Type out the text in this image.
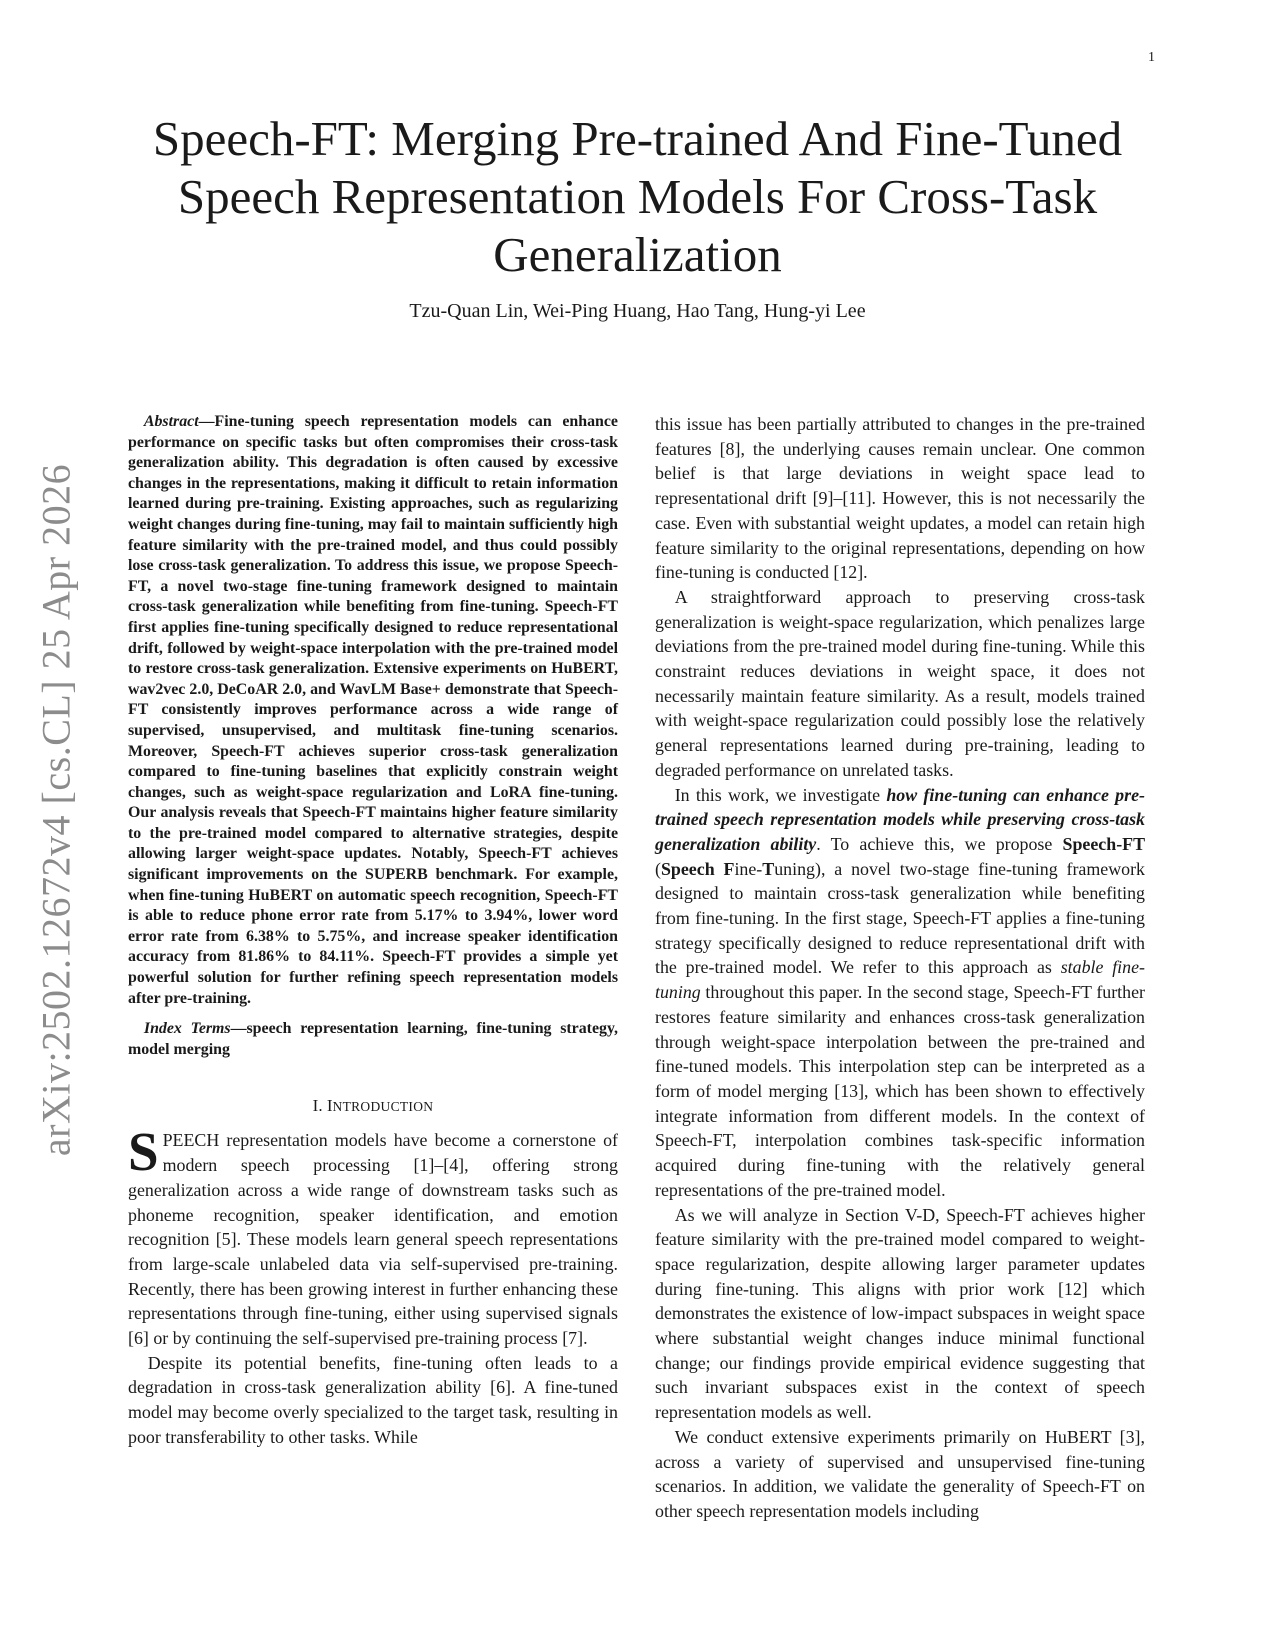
1
arXiv:2502.12672v4 [cs.CL] 25 Apr 2026
Speech-FT: Merging Pre-trained And Fine-Tuned Speech Representation Models For Cross-Task Generalization
Tzu-Quan Lin, Wei-Ping Huang, Hao Tang, Hung-yi Lee

Abstract—Fine-tuning speech representation models can enhance performance on specific tasks but often compromises their cross-task generalization ability. This degradation is often caused by excessive changes in the representations, making it difficult to retain information learned during pre-training. Existing approaches, such as regularizing weight changes during fine-tuning, may fail to maintain sufficiently high feature similarity with the pre-trained model, and thus could possibly lose cross-task generalization. To address this issue, we propose Speech-FT, a novel two-stage fine-tuning framework designed to maintain cross-task generalization while benefiting from fine-tuning. Speech-FT first applies fine-tuning specifically designed to reduce representational drift, followed by weight-space interpolation with the pre-trained model to restore cross-task generalization. Extensive experiments on HuBERT, wav2vec 2.0, DeCoAR 2.0, and WavLM Base+ demonstrate that Speech-FT consistently improves performance across a wide range of supervised, unsupervised, and multitask fine-tuning scenarios. Moreover, Speech-FT achieves superior cross-task generalization compared to fine-tuning baselines that explicitly constrain weight changes, such as weight-space regularization and LoRA fine-tuning. Our analysis reveals that Speech-FT maintains higher feature similarity to the pre-trained model compared to alternative strategies, despite allowing larger weight-space updates. Notably, Speech-FT achieves significant improvements on the SUPERB benchmark. For example, when fine-tuning HuBERT on automatic speech recognition, Speech-FT is able to reduce phone error rate from 5.17% to 3.94%, lower word error rate from 6.38% to 5.75%, and increase speaker identification accuracy from 81.86% to 84.11%. Speech-FT provides a simple yet powerful solution for further refining speech representation models after pre-training.

Index Terms—speech representation learning, fine-tuning strategy, model merging

I. INTRODUCTION

SPEECH representation models have become a cornerstone of modern speech processing [1]–[4], offering strong generalization across a wide range of downstream tasks such as phoneme recognition, speaker identification, and emotion recognition [5]. These models learn general speech representations from large-scale unlabeled data via self-supervised pre-training. Recently, there has been growing interest in further enhancing these representations through fine-tuning, either using supervised signals [6] or by continuing the self-supervised pre-training process [7].

Despite its potential benefits, fine-tuning often leads to a degradation in cross-task generalization ability [6]. A fine-tuned model may become overly specialized to the target task, resulting in poor transferability to other tasks. While

this issue has been partially attributed to changes in the pre-trained features [8], the underlying causes remain unclear. One common belief is that large deviations in weight space lead to representational drift [9]–[11]. However, this is not necessarily the case. Even with substantial weight updates, a model can retain high feature similarity to the original representations, depending on how fine-tuning is conducted [12].

A straightforward approach to preserving cross-task generalization is weight-space regularization, which penalizes large deviations from the pre-trained model during fine-tuning. While this constraint reduces deviations in weight space, it does not necessarily maintain feature similarity. As a result, models trained with weight-space regularization could possibly lose the relatively general representations learned during pre-training, leading to degraded performance on unrelated tasks.

In this work, we investigate how fine-tuning can enhance pre-trained speech representation models while preserving cross-task generalization ability. To achieve this, we propose Speech-FT (Speech Fine-Tuning), a novel two-stage fine-tuning framework designed to maintain cross-task generalization while benefiting from fine-tuning. In the first stage, Speech-FT applies a fine-tuning strategy specifically designed to reduce representational drift with the pre-trained model. We refer to this approach as stable fine-tuning throughout this paper. In the second stage, Speech-FT further restores feature similarity and enhances cross-task generalization through weight-space interpolation between the pre-trained and fine-tuned models. This interpolation step can be interpreted as a form of model merging [13], which has been shown to effectively integrate information from different models. In the context of Speech-FT, interpolation combines task-specific information acquired during fine-tuning with the relatively general representations of the pre-trained model.

As we will analyze in Section V-D, Speech-FT achieves higher feature similarity with the pre-trained model compared to weight-space regularization, despite allowing larger parameter updates during fine-tuning. This aligns with prior work [12] which demonstrates the existence of low-impact subspaces in weight space where substantial weight changes induce minimal functional change; our findings provide empirical evidence suggesting that such invariant subspaces exist in the context of speech representation models as well.

We conduct extensive experiments primarily on HuBERT [3], across a variety of supervised and unsupervised fine-tuning scenarios. In addition, we validate the generality of Speech-FT on other speech representation models including
